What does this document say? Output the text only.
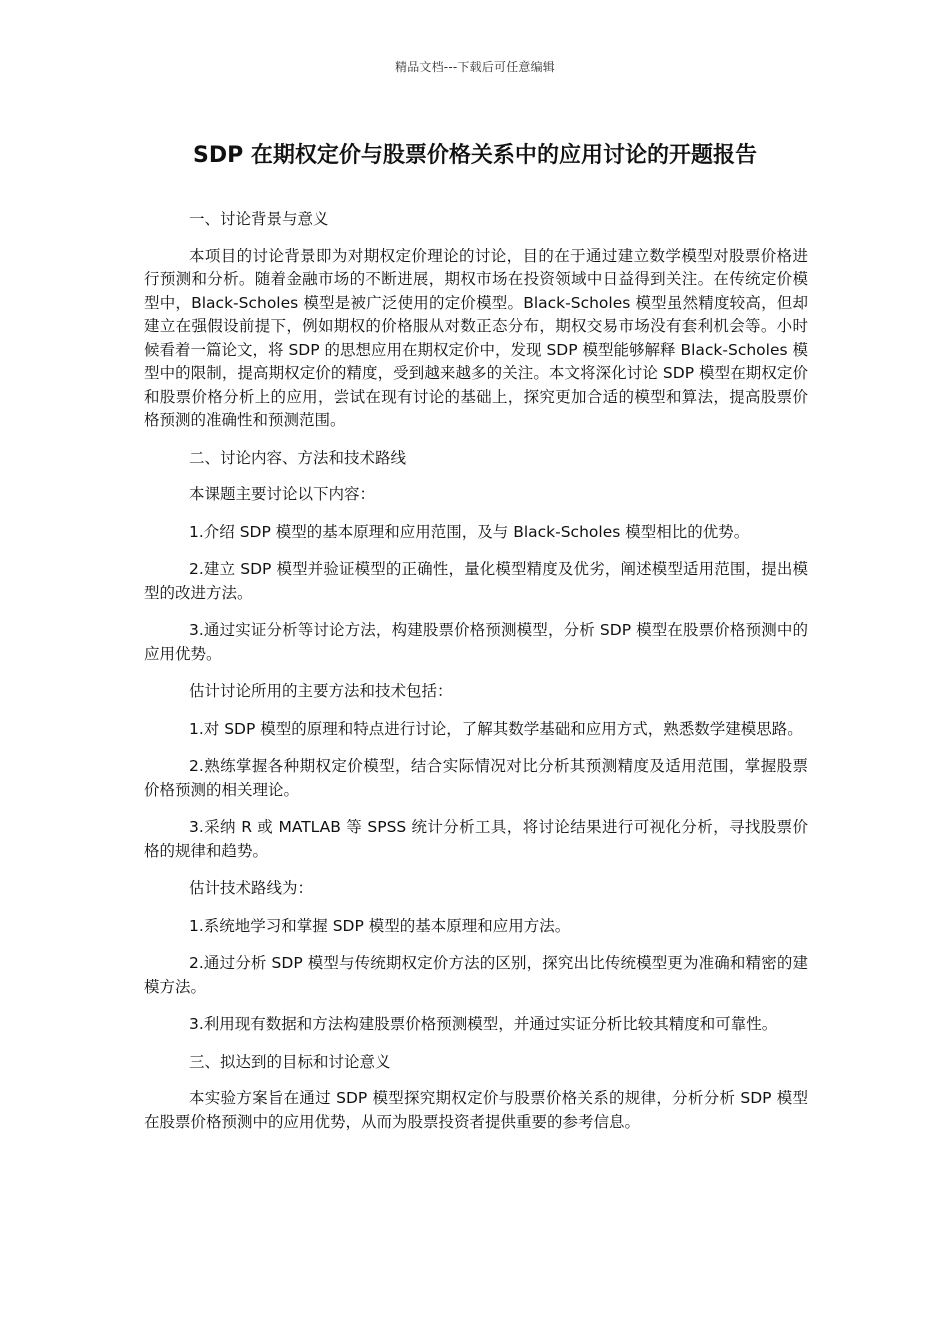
精品文档---下载后可任意编辑
SDP 在期权定价与股票价格关系中的应用讨论的开题报告

一、讨论背景与意义

本项目的讨论背景即为对期权定价理论的讨论，目的在于通过建立数学模型对股票价格进行预测和分析。随着金融市场的不断进展，期权市场在投资领域中日益得到关注。在传统定价模型中，Black-Scholes 模型是被广泛使用的定价模型。Black-Scholes 模型虽然精度较高，但却建立在强假设前提下，例如期权的价格服从对数正态分布，期权交易市场没有套利机会等。小时候看着一篇论文，将 SDP 的思想应用在期权定价中，发现 SDP 模型能够解释 Black-Scholes 模型中的限制，提高期权定价的精度，受到越来越多的关注。本文将深化讨论 SDP 模型在期权定价和股票价格分析上的应用，尝试在现有讨论的基础上，探究更加合适的模型和算法，提高股票价格预测的准确性和预测范围。

二、讨论内容、方法和技术路线

本课题主要讨论以下内容：

1.介绍 SDP 模型的基本原理和应用范围，及与 Black-Scholes 模型相比的优势。

2.建立 SDP 模型并验证模型的正确性，量化模型精度及优劣，阐述模型适用范围，提出模型的改进方法。

3.通过实证分析等讨论方法，构建股票价格预测模型，分析 SDP 模型在股票价格预测中的应用优势。

估计讨论所用的主要方法和技术包括：

1.对 SDP 模型的原理和特点进行讨论，了解其数学基础和应用方式，熟悉数学建模思路。

2.熟练掌握各种期权定价模型，结合实际情况对比分析其预测精度及适用范围，掌握股票价格预测的相关理论。

3.采纳 R 或 MATLAB 等 SPSS 统计分析工具，将讨论结果进行可视化分析，寻找股票价格的规律和趋势。

估计技术路线为：

1.系统地学习和掌握 SDP 模型的基本原理和应用方法。

2.通过分析 SDP 模型与传统期权定价方法的区别，探究出比传统模型更为准确和精密的建模方法。

3.利用现有数据和方法构建股票价格预测模型，并通过实证分析比较其精度和可靠性。

三、拟达到的目标和讨论意义

本实验方案旨在通过 SDP 模型探究期权定价与股票价格关系的规律，分析分析 SDP 模型在股票价格预测中的应用优势，从而为股票投资者提供重要的参考信息。
